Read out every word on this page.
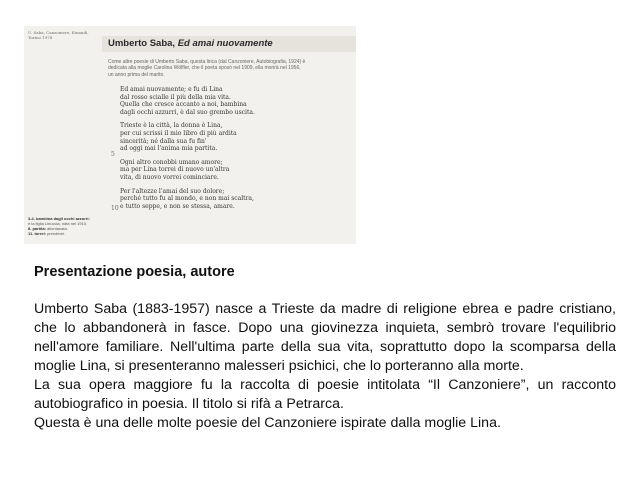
U. Saba, Canzoniere, Einaudi,
Torino 1978
Umberto Saba, Ed amai nuovamente
Come altre poesie di Umberto Saba, questa lirica (dal Canzoniere, Autobiografia, 1924) è
dedicata alla moglie Carolina Wölfler, che il poeta sposò nel 1909, ella morirà nel 1956,
un anno prima del marito.
5
10
Ed amai nuovamente; e fu di Lina
dal rosso scialle il più della mia vita.
Quella che cresce accanto a noi, bambina
dagli occhi azzurri, è dal suo grembo uscita.
Trieste è la città, la donna è Lina,
per cui scrissi il mio libro di più ardita
sincerità; né dalla sua fu fin'
ad oggi mai l'anima mia partita.
Ogni altro conobbi umano amore;
ma per Lina torrei di nuovo un'altra
vita, di nuovo vorrei cominciare.
Per l'altezze l'amai del suo dolore;
perché tutto fu al mondo, e non mai scaltra,
e tutto seppe, e non se stessa, amare.
3-4. bambina dagli occhi azzurri:
è la figlia Linuccia, nata nel 1910.
8. partita: allontanata.
11. torrei: prenderei.
Presentazione poesia, autore

Umberto Saba (1883-1957) nasce a Trieste da madre di religione ebrea e padre cristiano, che lo abbandonerà in fasce. Dopo una giovinezza inquieta, sembrò trovare l'equilibrio nell'amore familiare. Nell'ultima parte della sua vita, soprattutto dopo la scomparsa della moglie Lina, si presenteranno malesseri psichici, che lo porteranno alla morte.

La sua opera maggiore fu la raccolta di poesie intitolata “Il Canzoniere”, un racconto autobiografico in poesia. Il titolo si rifà a Petrarca.

Questa è una delle molte poesie del Canzoniere ispirate dalla moglie Lina.
